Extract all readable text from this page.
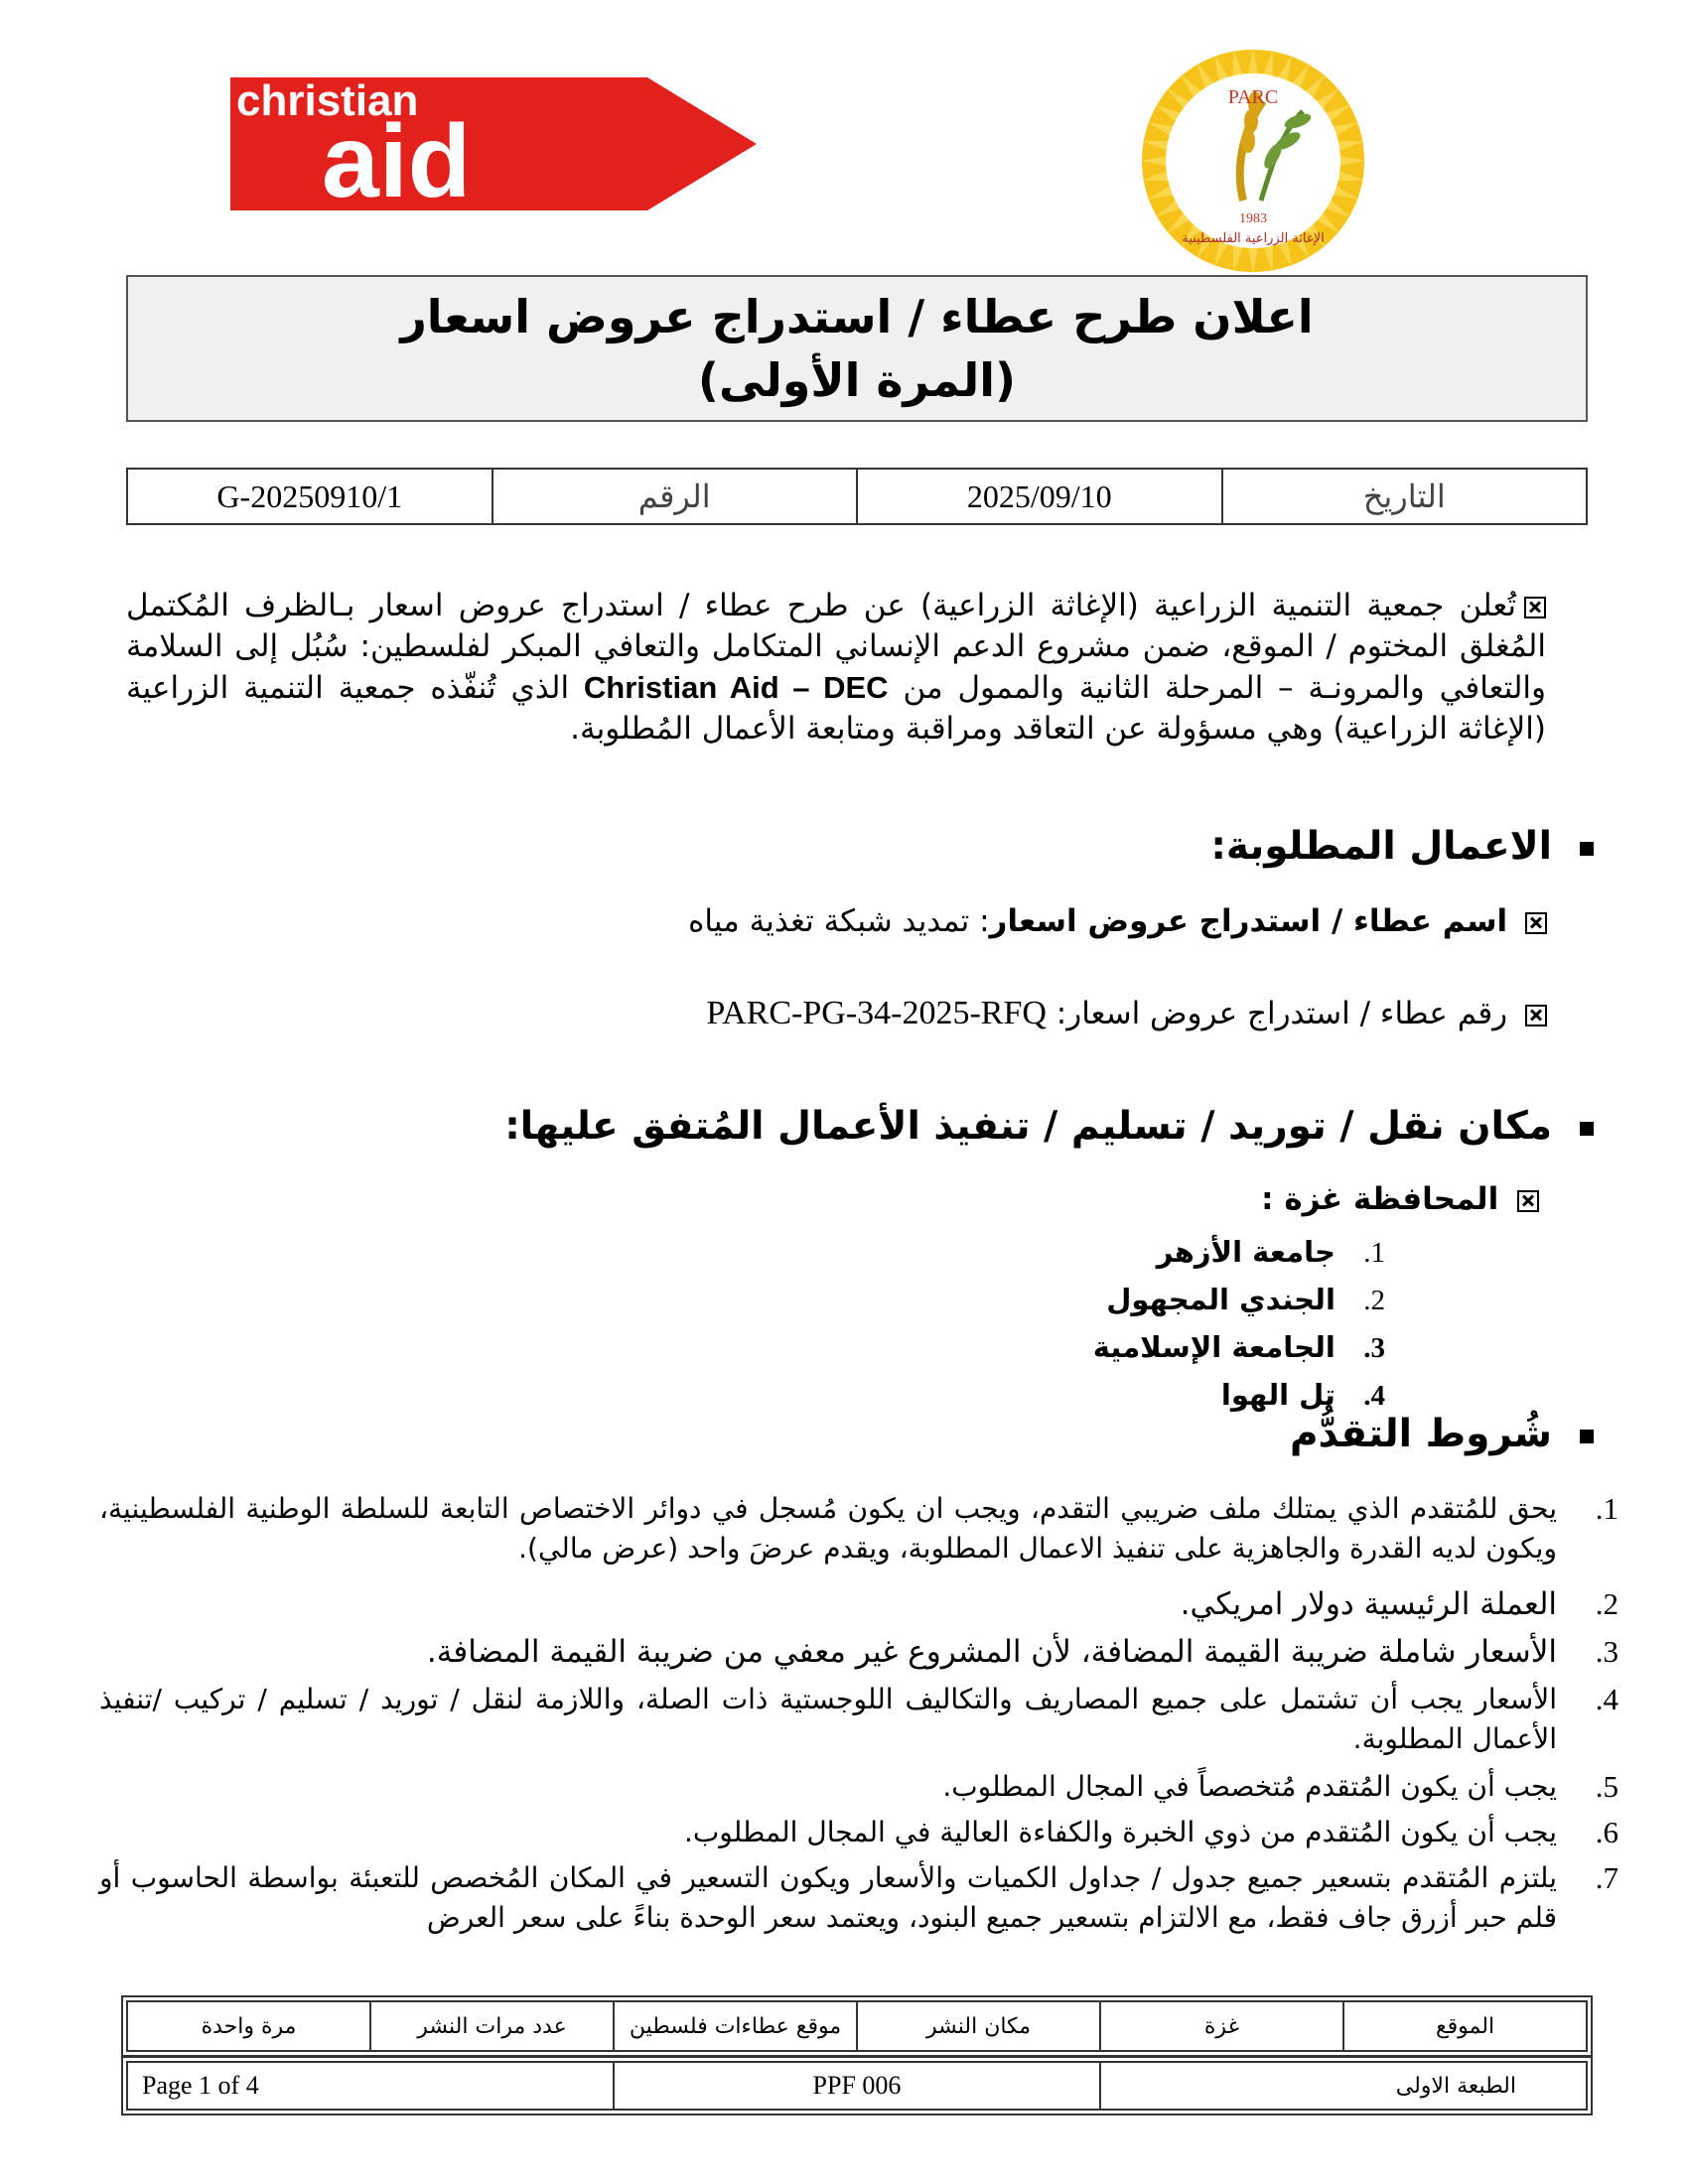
christian
aid
PARC
1983
الإغاثة الزراعية الفلسطينية
اعلان طرح عطاء / استدراج عروض اسعار
(المرة الأولى)
التاريخ	2025/09/10	الرقم	G-20250910/1
تُعلن جمعية التنمية الزراعية (الإغاثة الزراعية) عن طرح عطاء / استدراج عروض اسعار بـالظرف المُكتمل المُغلق المختوم / الموقع، ضمن مشروع الدعم الإنساني المتكامل والتعافي المبكر لفلسطين: سُبُل إلى السلامة والتعافي والمرونـة – المرحلة الثانية والممول من Christian Aid – DEC الذي تُنفّذه جمعية التنمية الزراعية (الإغاثة الزراعية) وهي مسؤولة عن التعاقد ومراقبة ومتابعة الأعمال المُطلوبة.
الاعمال المطلوبة:
اسم عطاء / استدراج عروض اسعار: تمديد شبكة تغذية مياه
رقم عطاء / استدراج عروض اسعار: PARC-PG-34-2025-RFQ
مكان نقل / توريد / تسليم / تنفيذ الأعمال المُتفق عليها:
المحافظة غزة :
1. جامعة الأزهر
2. الجندي المجهول
3. الجامعة الإسلامية
4. تل الهوا
شُروط التقدُّم
1.
يحق للمُتقدم الذي يمتلك ملف ضريبي التقدم، ويجب ان يكون مُسجل في دوائر الاختصاص التابعة للسلطة الوطنية الفلسطينية، ويكون لديه القدرة والجاهزية على تنفيذ الاعمال المطلوبة، ويقدم عرضَ واحد (عرض مالي).
2.
العملة الرئيسية دولار امريكي.
3.
الأسعار شاملة ضريبة القيمة المضافة، لأن المشروع غير معفي من ضريبة القيمة المضافة.
4.
الأسعار يجب أن تشتمل على جميع المصاريف والتكاليف اللوجستية ذات الصلة، واللازمة لنقل / توريد / تسليم / تركيب /تنفيذ الأعمال المطلوبة.
5.
يجب أن يكون المُتقدم مُتخصصاً في المجال المطلوب.
6.
يجب أن يكون المُتقدم من ذوي الخبرة والكفاءة العالية في المجال المطلوب.
7.
يلتزم المُتقدم بتسعير جميع جدول / جداول الكميات والأسعار ويكون التسعير في المكان المُخصص للتعبئة بواسطة الحاسوب أو قلم حبر أزرق جاف فقط، مع الالتزام بتسعير جميع البنود، ويعتمد سعر الوحدة بناءً على سعر العرض
الموقع	غزة	مكان النشر	موقع عطاءات فلسطين	عدد مرات النشر	مرة واحدة
الطبعة الاولى	PPF 006	Page 1 of 4
